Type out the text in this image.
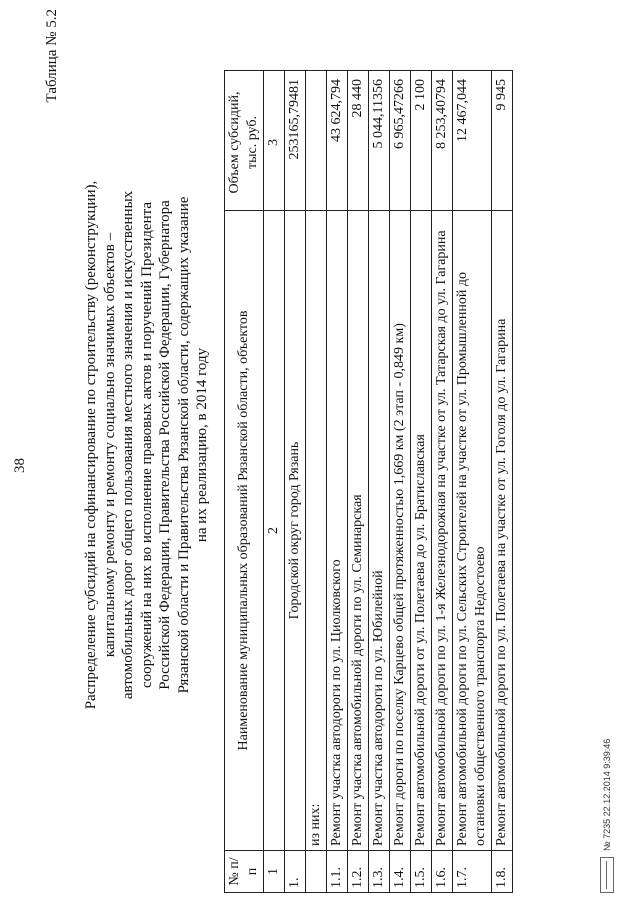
38
Таблица № 5.2
Распределение субсидий на софинансирование по строительству (реконструкции), капитальному ремонту и ремонту социально значимых объектов – автомобильных дорог общего пользования местного значения и искусственных сооружений на них во исполнение правовых актов и поручений Президента Российской Федерации, Правительства Российской Федерации, Губернатора Рязанской области и Правительства Рязанской области, содержащих указание на их реализацию, в 2014 году
№ п/п	Наименование муниципальных образований Рязанской области, объектов	Объем субсидий, тыс. руб.
1	2	3
1.	Городской округ город Рязань	253165,79481
	из них:	
1.1.	Ремонт участка автодороги по ул. Циолковского	43 624,794
1.2.	Ремонт участка автомобильной дороги по ул. Семинарская	28 440
1.3.	Ремонт участка автодороги по ул. Юбилейной	5 044,11356
1.4.	Ремонт дороги по поселку Карцево общей протяженностью 1,669 км (2 этап - 0,849 км)	6 965,47266
1.5.	Ремонт автомобильной дороги от ул. Полетаева до ул. Братиславская	2 100
1.6.	Ремонт автомобильной дороги по ул. 1-я Железнодорожная на участке от ул. Татарская до ул. Гагарина	8 253,40794
1.7.	Ремонт автомобильной дороги по ул. Сельских Строителей на участке от ул. Промышленной до остановки общественного транспорта Недостоево	12 467,044
1.8.	Ремонт автомобильной дороги по ул. Полетаева на участке от ул. Гоголя до ул. Гагарина	9 945
№ 7235 22.12.2014 9:39:46
